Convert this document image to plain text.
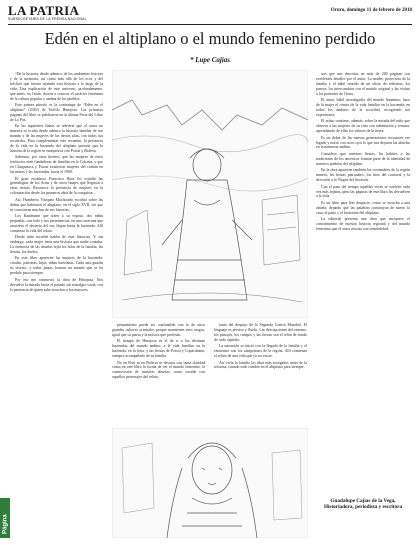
LA PATRIA
SUBSECRETARÍA DE LA PRENSA NACIONAL
Oruro, domingo 11 de febrero de 2018
Edén en el altiplano o el mundo femenino perdido
* Lupe Cajías

“De la historia, desde adentro, de los ambientes lectores y de la memoria, así como más allá de los ecos y del folclore que fueron tejiendo esta historia a lo largo de la vida. Una explicación de este universo, profundamente, que antes, en Oruro, dieron a conocer el carácter femenino de la cultura popular y andina de los pueblos.

Este primer párrafo es la contratapa de “Edén en el altiplano” (2016) de Teófilo Hinojosa. Las primeras páginas del libro se publicaron en la última Feria del Libro de La Paz.

En las siguientes líneas se advierte que el autor no muestra ni oculta desde adentro la historia familiar de sus mamás y de las mujeres de las tierras altas, con todos sus recuerdos. Para complementar este recuento, la presencia de la vida en la hacienda del altiplano permite que la historia de la región se enriquezca con Potosí y Bolivia.

Sabemos, por otras fuentes, que las mujeres de estos territorios eran fundadoras de familias en la Colonia, y que en Chuquisaca y Potosí existieron mujeres del común en las minas y las haciendas, hacia el 1900.

El gran estudioso Francisco Ruiz Ito estudió las genealogías de los Arias y de otros linajes que llegaron a estas tierras. Reconoce la presencia de mujeres en la colonización desde los primeros años de la conquista.

Así, Humberto Vázquez Machicado escribió sobre las doñas que habitaron el altiplano, en el siglo XVII, sin que se conocieran muchas de sus historias.

Los Kaufmann que traen a su esposa, dos niñas pequeñas, con todo y sus pertenencias, en una caravana que atraviesa el desierto del sur, llegan hasta la hacienda. Allí comienza la vida del relato.

Desde niña escuché hablar de esas historias. Y, sin embargo, cada mujer tenía una historia que nadie contaba. La memoria de las abuelas tejía los hilos de la familia, las fiestas, los duelos.

En este libro aparecen las mujeres de la hacienda: criadas, patronas, hijas, niñas huérfanas. Cada una guarda su secreto, y todas juntas forman un mundo que se ha perdido para siempre.

Por eso me conmovió la obra de Hinojosa. Nos devuelve la mirada hacia el pasado sin nostalgia vacía, con la paciencia de quien sabe escuchar a los mayores.

pensamiento puede ser confundido con la de otros grandes cultores orientales porque mantienen esos rasgos, igual que su patria y la música que profesan.

El tiempo de Hinojosa es el de ir a las distintas haciendas del mundo andino, a la vida familiar en la hacienda, en la feria, y las fiestas de Potosí y Copacabana, siempre acompañado de su familia.

No en Perú ni en Bolivia se destaca con tanta claridad como en este libro la forma de ver el mundo femenino, la cosmovisión de nuestras abuelas, como sucede con aquellos personajes del relato.

tanto del despojo de la Segunda Guerra Mundial. El lenguaje es preciso y fluido. Las descripciones del entorno, los paisajes, los campos y las fiestas son el telón de fondo de cada capítulo.

La narración se inicia con la llegada de la familia y el encuentro con los campesinos de la región. Allí comienza el relato de una vida que ya no existe.

Así vivía la familia los años más sosegados antes de la reforma, cuando todo cambió en el altiplano para siempre.

son que son descritas en más de 200 páginas con excelentes detalles por el autor. La madre, protectora de la familia y el hábil sentido de un oficio de señoritas, los paseos, los intercambios con el mundo original y las visitas a los parientes de Oruro.

El autor, hábil investigador del mundo femenino, hace de la mujer el centro de la vida familiar en la hacienda, en todos los ámbitos de la sociedad, recogiendo sus expresiones.

El relato contiene, además, sobre la mirada del niño que observa a las mujeres de su casa con admiración y ternura, aprendiendo de ellas los valores de la tierra.

Es un deber de las nuevas generaciones reconocer ese legado y mirar con otros ojos lo que nos dejaron las abuelas en la memoria andina.

Considero que nuestras fiestas, los hábitos y las tradiciones de los ancestros forman parte de la identidad de nuestros pueblos del altiplano.

En la obra aparecen también las costumbres de la región minera, las fiestas patronales, los ritos del carnaval y la devoción a la Virgen del Socavón.

Con el paso del tiempo aquellas voces se vuelven cada vez más lejanas, pero las páginas de este libro las devuelven a la vida.

Es un libro para leer despacio, como se escucha a una abuela, dejando que las palabras construyan de nuevo la casa, el patio y el horizonte del altiplano.

La editorial presenta una obra que enriquece el conocimiento de nuestra historia regional y del mundo femenino que el autor rescata con sensibilidad.

Guadalupe Cajías de la Vega,
Historiadora, periodista y escritora
Página
